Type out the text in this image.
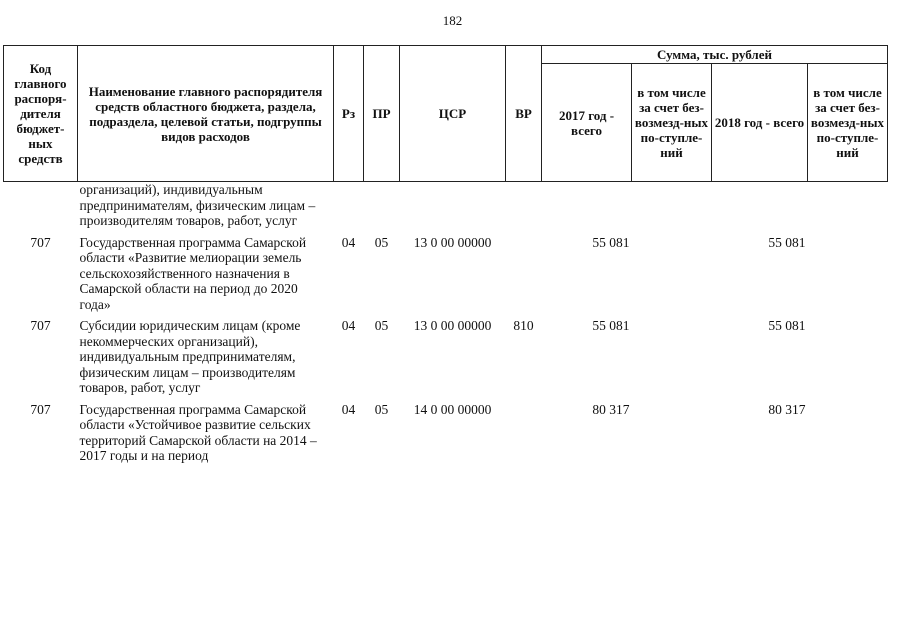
182
Код главного распоря-дителя бюджет-ных средств	Наименование главного распорядителя средств областного бюджета, раздела, подраздела, целевой статьи, подгруппы видов расходов	Рз	ПР	ЦСР	ВР	Сумма, тыс. рублей			
						2017 год - всего	в том числе за счет без-возмезд-ных по-ступле-ний	2018 год - всего	в том числе за счет без-возмезд-ных по-ступле-ний
	организаций), индивидуальным предпринимателям, физическим лицам – производителям товаров, работ, услуг								
707	Государственная программа Самарской области «Развитие мелиорации земель сельскохозяйственного назначения в Самарской области на период до 2020 года»	04	05	13 0 00 00000		55 081		55 081	
707	Субсидии юридическим лицам (кроме некоммерческих организаций), индивидуальным предпринимателям, физическим лицам – производителям товаров, работ, услуг	04	05	13 0 00 00000	810	55 081		55 081	
707	Государственная программа Самарской области «Устойчивое развитие сельских территорий Самарской области на 2014 – 2017 годы и на период	04	05	14 0 00 00000		80 317		80 317	
